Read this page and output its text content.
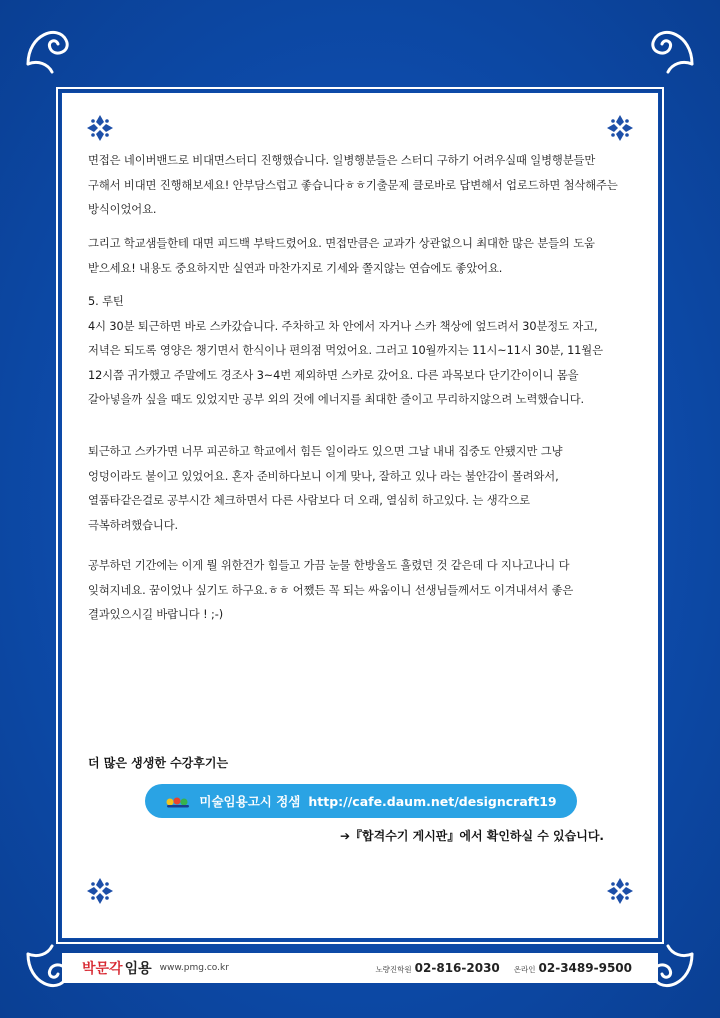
면접은 네이버밴드로 비대면스터디 진행했습니다. 일병행분들은 스터디 구하기 어려우실때 일병행분들만

구해서 비대면 진행해보세요! 안부담스럽고 좋습니다ㅎㅎ기출문제 클로바로 답변해서 업로드하면 첨삭해주는

방식이었어요.

그리고 학교샘들한테 대면 피드백 부탁드렸어요. 면접만큼은 교과가 상관없으니 최대한 많은 분들의 도움

받으세요! 내용도 중요하지만 실연과 마찬가지로 기세와 쫄지않는 연습에도 좋았어요.

5. 루틴

4시 30분 퇴근하면 바로 스카갔습니다. 주차하고 차 안에서 자거나 스카 책상에 엎드려서 30분정도 자고,

저녁은 되도록 영양은 챙기면서 한식이나 편의점 먹었어요. 그러고 10월까지는 11시~11시 30분, 11월은

12시쯤 귀가했고 주말에도 경조사 3~4번 제외하면 스카로 갔어요. 다른 과목보다 단기간이이니 몸을

갈아넣을까 싶을 때도 있었지만 공부 외의 것에 에너지를 최대한 줄이고 무리하지않으려 노력했습니다.

퇴근하고 스카가면 너무 피곤하고 학교에서 힘든 일이라도 있으면 그날 내내 집중도 안됐지만 그냥

엉덩이라도 붙이고 있었어요. 혼자 준비하다보니 이게 맞나, 잘하고 있나 라는 불안감이 몰려와서,

열품타같은걸로 공부시간 체크하면서 다른 사람보다 더 오래, 열심히 하고있다. 는 생각으로

극복하려했습니다.

공부하던 기간에는 이게 뭘 위한건가 힘들고 가끔 눈물 한방울도 흘렸던 것 같은데 다 지나고나니 다

잊혀지네요. 꿈이었나 싶기도 하구요.ㅎㅎ 어쨌든 꼭 되는 싸움이니 선생님들께서도 이겨내셔서 좋은

결과있으시길 바랍니다 ! ;-)

더 많은 생생한 수강후기는
미술임용고시 정샘 http://cafe.daum.net/designcraft19
➔『합격수기 게시판』에서 확인하실 수 있습니다.
박문각 임용 www.pmg.co.kr	노량진학원 02-816-2030 온라인 02-3489-9500
